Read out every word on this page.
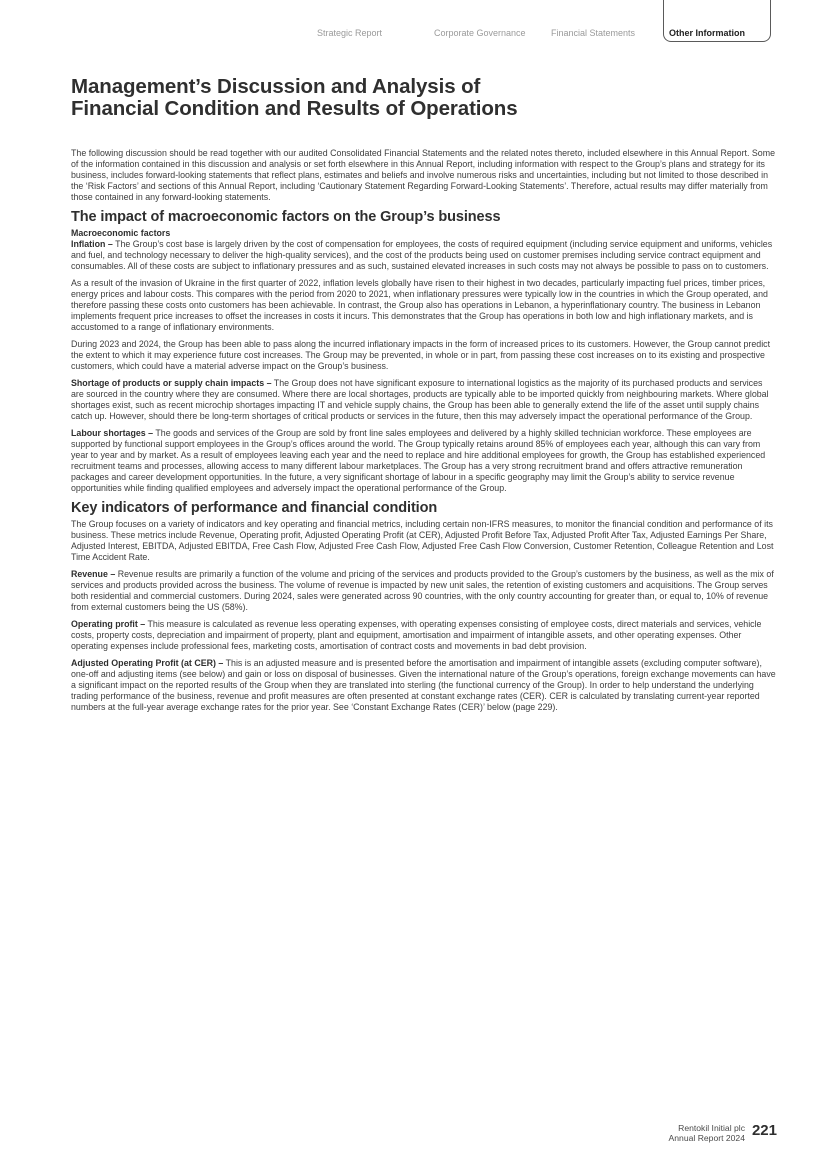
Strategic Report	Corporate Governance	Financial Statements	Other Information
Management’s Discussion and Analysis of
Financial Condition and Results of Operations

The following discussion should be read together with our audited Consolidated Financial Statements and the related notes thereto, included elsewhere in this Annual Report. Some of the information contained in this discussion and analysis or set forth elsewhere in this Annual Report, including information with respect to the Group’s plans and strategy for its business, includes forward-looking statements that reflect plans, estimates and beliefs and involve numerous risks and uncertainties, including but not limited to those described in the ‘Risk Factors’ and sections of this Annual Report, including ‘Cautionary Statement Regarding Forward-Looking Statements’. Therefore, actual results may differ materially from those contained in any forward-looking statements.

The impact of macroeconomic factors on the Group’s business
Macroeconomic factors

Inflation – The Group’s cost base is largely driven by the cost of compensation for employees, the costs of required equipment (including service equipment and uniforms, vehicles and fuel, and technology necessary to deliver the high-quality services), and the cost of the products being used on customer premises including service contract equipment and consumables. All of these costs are subject to inflationary pressures and as such, sustained elevated increases in such costs may not always be possible to pass on to customers.

As a result of the invasion of Ukraine in the first quarter of 2022, inflation levels globally have risen to their highest in two decades, particularly impacting fuel prices, timber prices, energy prices and labour costs. This compares with the period from 2020 to 2021, when inflationary pressures were typically low in the countries in which the Group operated, and therefore passing these costs onto customers has been achievable. In contrast, the Group also has operations in Lebanon, a hyperinflationary country. The business in Lebanon implements frequent price increases to offset the increases in costs it incurs. This demonstrates that the Group has operations in both low and high inflationary markets, and is accustomed to a range of inflationary environments.

During 2023 and 2024, the Group has been able to pass along the incurred inflationary impacts in the form of increased prices to its customers. However, the Group cannot predict the extent to which it may experience future cost increases. The Group may be prevented, in whole or in part, from passing these cost increases on to its existing and prospective customers, which could have a material adverse impact on the Group’s business.

Shortage of products or supply chain impacts – The Group does not have significant exposure to international logistics as the majority of its purchased products and services are sourced in the country where they are consumed. Where there are local shortages, products are typically able to be imported quickly from neighbouring markets. Where global shortages exist, such as recent microchip shortages impacting IT and vehicle supply chains, the Group has been able to generally extend the life of the asset until supply chains catch up. However, should there be long-term shortages of critical products or services in the future, then this may adversely impact the operational performance of the Group.

Labour shortages – The goods and services of the Group are sold by front line sales employees and delivered by a highly skilled technician workforce. These employees are supported by functional support employees in the Group’s offices around the world. The Group typically retains around 85% of employees each year, although this can vary from year to year and by market. As a result of employees leaving each year and the need to replace and hire additional employees for growth, the Group has established experienced recruitment teams and processes, allowing access to many different labour marketplaces. The Group has a very strong recruitment brand and offers attractive remuneration packages and career development opportunities. In the future, a very significant shortage of labour in a specific geography may limit the Group’s ability to service revenue opportunities while finding qualified employees and adversely impact the operational performance of the Group.

Key indicators of performance and financial condition

The Group focuses on a variety of indicators and key operating and financial metrics, including certain non-IFRS measures, to monitor the financial condition and performance of its business. These metrics include Revenue, Operating profit, Adjusted Operating Profit (at CER), Adjusted Profit Before Tax, Adjusted Profit After Tax, Adjusted Earnings Per Share, Adjusted Interest, EBITDA, Adjusted EBITDA, Free Cash Flow, Adjusted Free Cash Flow, Adjusted Free Cash Flow Conversion, Customer Retention, Colleague Retention and Lost Time Accident Rate.

Revenue – Revenue results are primarily a function of the volume and pricing of the services and products provided to the Group’s customers by the business, as well as the mix of services and products provided across the business. The volume of revenue is impacted by new unit sales, the retention of existing customers and acquisitions. The Group serves both residential and commercial customers. During 2024, sales were generated across 90 countries, with the only country accounting for greater than, or equal to, 10% of revenue from external customers being the US (58%).

Operating profit – This measure is calculated as revenue less operating expenses, with operating expenses consisting of employee costs, direct materials and services, vehicle costs, property costs, depreciation and impairment of property, plant and equipment, amortisation and impairment of intangible assets, and other operating expenses. Other operating expenses include professional fees, marketing costs, amortisation of contract costs and movements in bad debt provision.

Adjusted Operating Profit (at CER) – This is an adjusted measure and is presented before the amortisation and impairment of intangible assets (excluding computer software), one-off and adjusting items (see below) and gain or loss on disposal of businesses. Given the international nature of the Group’s operations, foreign exchange movements can have a significant impact on the reported results of the Group when they are translated into sterling (the functional currency of the Group). In order to help understand the underlying trading performance of the business, revenue and profit measures are often presented at constant exchange rates (CER). CER is calculated by translating current-year reported numbers at the full-year average exchange rates for the prior year. See ‘Constant Exchange Rates (CER)’ below (page 229).

Rentokil Initial plc
Annual Report 2024 221
